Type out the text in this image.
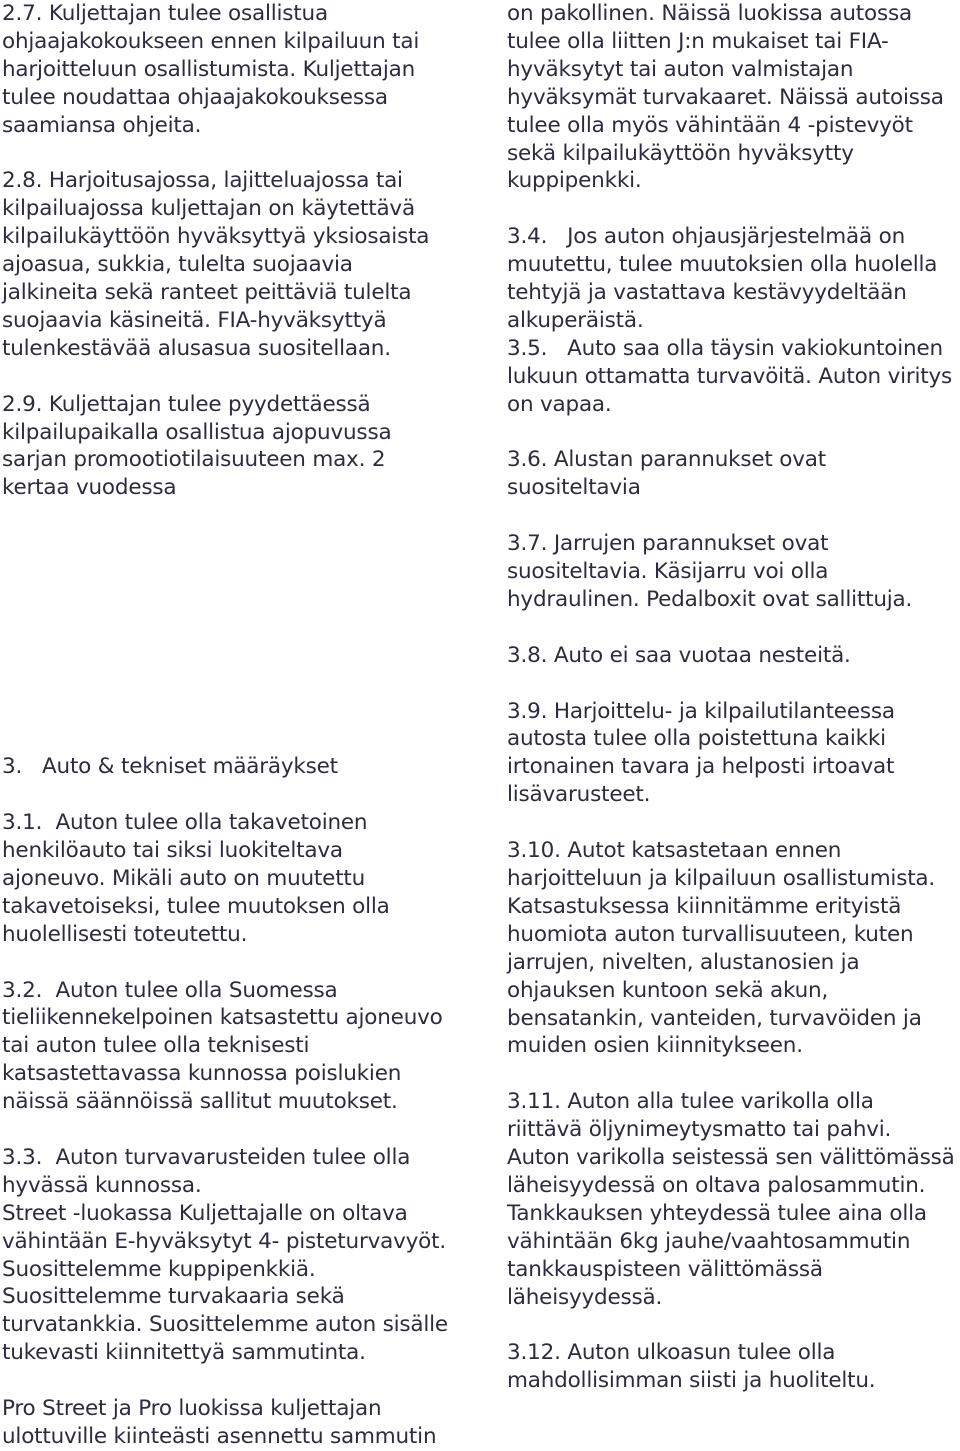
2.7. Kuljettajan tulee osallistua
ohjaajakokoukseen ennen kilpailuun tai
harjoitteluun osallistumista. Kuljettajan
tulee noudattaa ohjaajakokouksessa
saamiansa ohjeita.
2.8. Harjoitusajossa, lajitteluajossa tai
kilpailuajossa kuljettajan on käytettävä
kilpailukäyttöön hyväksyttyä yksiosaista
ajoasua, sukkia, tulelta suojaavia
jalkineita sekä ranteet peittäviä tulelta
suojaavia käsineitä. FIA-hyväksyttyä
tulenkestävää alusasua suositellaan.
2.9. Kuljettajan tulee pyydettäessä
kilpailupaikalla osallistua ajopuvussa
sarjan promootiotilaisuuteen max. 2
kertaa vuodessa
3.   Auto & tekniset määräykset
3.1.  Auton tulee olla takavetoinen
henkilöauto tai siksi luokiteltava
ajoneuvo. Mikäli auto on muutettu
takavetoiseksi, tulee muutoksen olla
huolellisesti toteutettu.
3.2.  Auton tulee olla Suomessa
tieliikennekelpoinen katsastettu ajoneuvo
tai auton tulee olla teknisesti
katsastettavassa kunnossa poislukien
näissä säännöissä sallitut muutokset.
3.3.  Auton turvavarusteiden tulee olla
hyvässä kunnossa.
Street -luokassa Kuljettajalle on oltava
vähintään E-hyväksytyt 4- pisteturvavyöt.
Suosittelemme kuppipenkkiä.
Suosittelemme turvakaaria sekä
turvatankkia. Suosittelemme auton sisälle
tukevasti kiinnitettyä sammutinta.
Pro Street ja Pro luokissa kuljettajan
ulottuville kiinteästi asennettu sammutin
on pakollinen. Näissä luokissa autossa
tulee olla liitten J:n mukaiset tai FIA-
hyväksytyt tai auton valmistajan
hyväksymät turvakaaret. Näissä autoissa
tulee olla myös vähintään 4 -pistevyöt
sekä kilpailukäyttöön hyväksytty
kuppipenkki.
3.4.   Jos auton ohjausjärjestelmää on
muutettu, tulee muutoksien olla huolella
tehtyjä ja vastattava kestävyydeltään
alkuperäistä.
3.5.   Auto saa olla täysin vakiokuntoinen
lukuun ottamatta turvavöitä. Auton viritys
on vapaa.
3.6. Alustan parannukset ovat
suositeltavia
3.7. Jarrujen parannukset ovat
suositeltavia. Käsijarru voi olla
hydraulinen. Pedalboxit ovat sallittuja.
3.8. Auto ei saa vuotaa nesteitä.
3.9. Harjoittelu- ja kilpailutilanteessa
autosta tulee olla poistettuna kaikki
irtonainen tavara ja helposti irtoavat
lisävarusteet.
3.10. Autot katsastetaan ennen
harjoitteluun ja kilpailuun osallistumista.
Katsastuksessa kiinnitämme erityistä
huomiota auton turvallisuuteen, kuten
jarrujen, nivelten, alustanosien ja
ohjauksen kuntoon sekä akun,
bensatankin, vanteiden, turvavöiden ja
muiden osien kiinnitykseen.
3.11. Auton alla tulee varikolla olla
riittävä öljynimeytysmatto tai pahvi.
Auton varikolla seistessä sen välittömässä
läheisyydessä on oltava palosammutin.
Tankkauksen yhteydessä tulee aina olla
vähintään 6kg jauhe/vaahtosammutin
tankkauspisteen välittömässä
läheisyydessä.
3.12. Auton ulkoasun tulee olla
mahdollisimman siisti ja huoliteltu.
